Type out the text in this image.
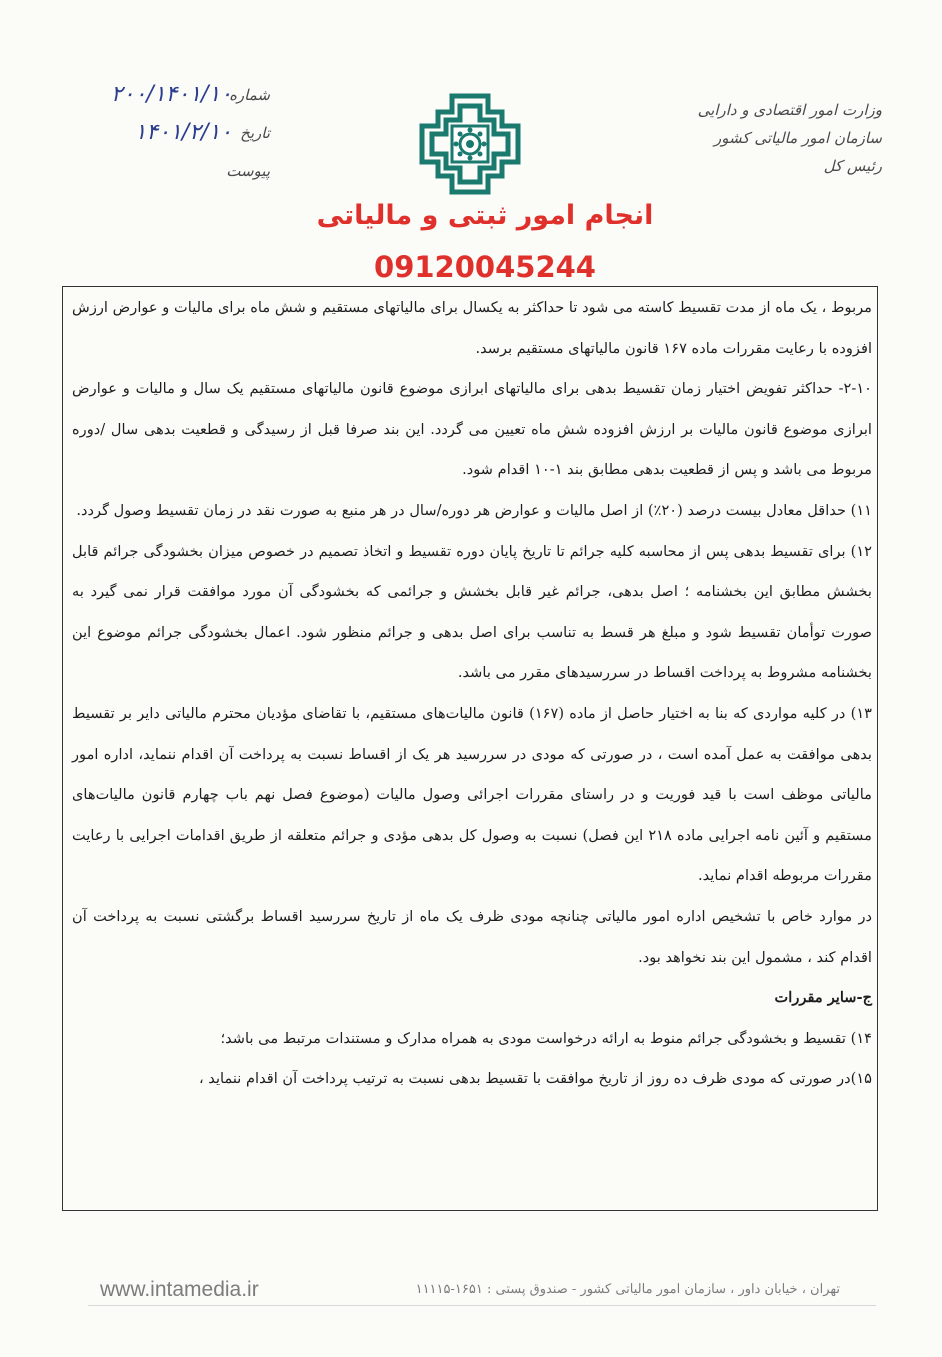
وزارت امور اقتصادی و دارایی
سازمان امور مالیاتی کشور
رئیس کل
شماره
۲۰۰/۱۴۰۱/۱۰
تاریخ
۱۴۰۱/۲/۱۰
پیوست
انجام امور ثبتی و مالیاتی
09120045244

مربوط ، یک ماه از مدت تقسیط کاسته می شود تا حداکثر به یکسال برای مالیاتهای مستقیم و شش ماه برای مالیات و عوارض ارزش افزوده با رعایت مقررات ماده ۱۶۷ قانون مالیاتهای مستقیم برسد.

۲-۱۰- حداکثر تفویض اختیار زمان تقسیط بدهی برای مالیاتهای ابرازی موضوع قانون مالیاتهای مستقیم یک سال و مالیات و عوارض ابرازی موضوع قانون مالیات بر ارزش افزوده شش ماه تعیین می گردد. این بند صرفا قبل از رسیدگی و قطعیت بدهی سال /دوره مربوط می باشد و پس از قطعیت بدهی مطابق بند ۱-۱۰ اقدام شود.

۱۱) حداقل معادل بیست درصد (۲۰٪) از اصل مالیات و عوارض هر دوره/سال در هر منبع به صورت نقد در زمان تقسیط وصول گردد.

۱۲) برای تقسیط بدهی پس از محاسبه کلیه جرائم تا تاریخ پایان دوره تقسیط و اتخاذ تصمیم در خصوص میزان بخشودگی جرائم قابل بخشش مطابق این بخشنامه ؛ اصل بدهی، جرائم غیر قابل بخشش و جرائمی که بخشودگی آن مورد موافقت قرار نمی گیرد به صورت توأمان تقسیط شود و مبلغ هر قسط به تناسب برای اصل بدهی و جرائم منظور شود. اعمال بخشودگی جرائم موضوع این بخشنامه مشروط به پرداخت اقساط در سررسیدهای مقرر می باشد.

۱۳) در کلیه مواردی که بنا به اختیار حاصل از ماده (۱۶۷) قانون مالیات‌های مستقیم، با تقاضای مؤدیان محترم مالیاتی دایر بر تقسیط بدهی موافقت به عمل آمده است ، در صورتی که مودی در سررسید هر یک از اقساط نسبت به پرداخت آن اقدام ننماید، اداره امور مالیاتی موظف است با قید فوریت و در راستای مقررات اجرائی وصول مالیات (موضوع فصل نهم باب چهارم قانون مالیات‌های مستقیم و آئین نامه اجرایی ماده ۲۱۸ این فصل) نسبت به وصول کل بدهی مؤدی و جرائم متعلقه از طریق اقدامات اجرایی با رعایت مقررات مربوطه اقدام نماید.

در موارد خاص با تشخیص اداره امور مالیاتی چنانچه مودی ظرف یک ماه از تاریخ سررسید اقساط برگشتی نسبت به پرداخت آن اقدام کند ، مشمول این بند نخواهد بود.

ج-سایر مقررات

۱۴) تقسیط و بخشودگی جرائم منوط به ارائه درخواست مودی به همراه مدارک و مستندات مرتبط می باشد؛

۱۵)در صورتی که مودی ظرف ده روز از تاریخ موافقت با تقسیط بدهی نسبت به ترتیب پرداخت آن اقدام ننماید ،

www.intamedia.ir	تهران ، خیابان داور ، سازمان امور مالیاتی کشور - صندوق پستی : ۱۶۵۱-۱۱۱۱۵
